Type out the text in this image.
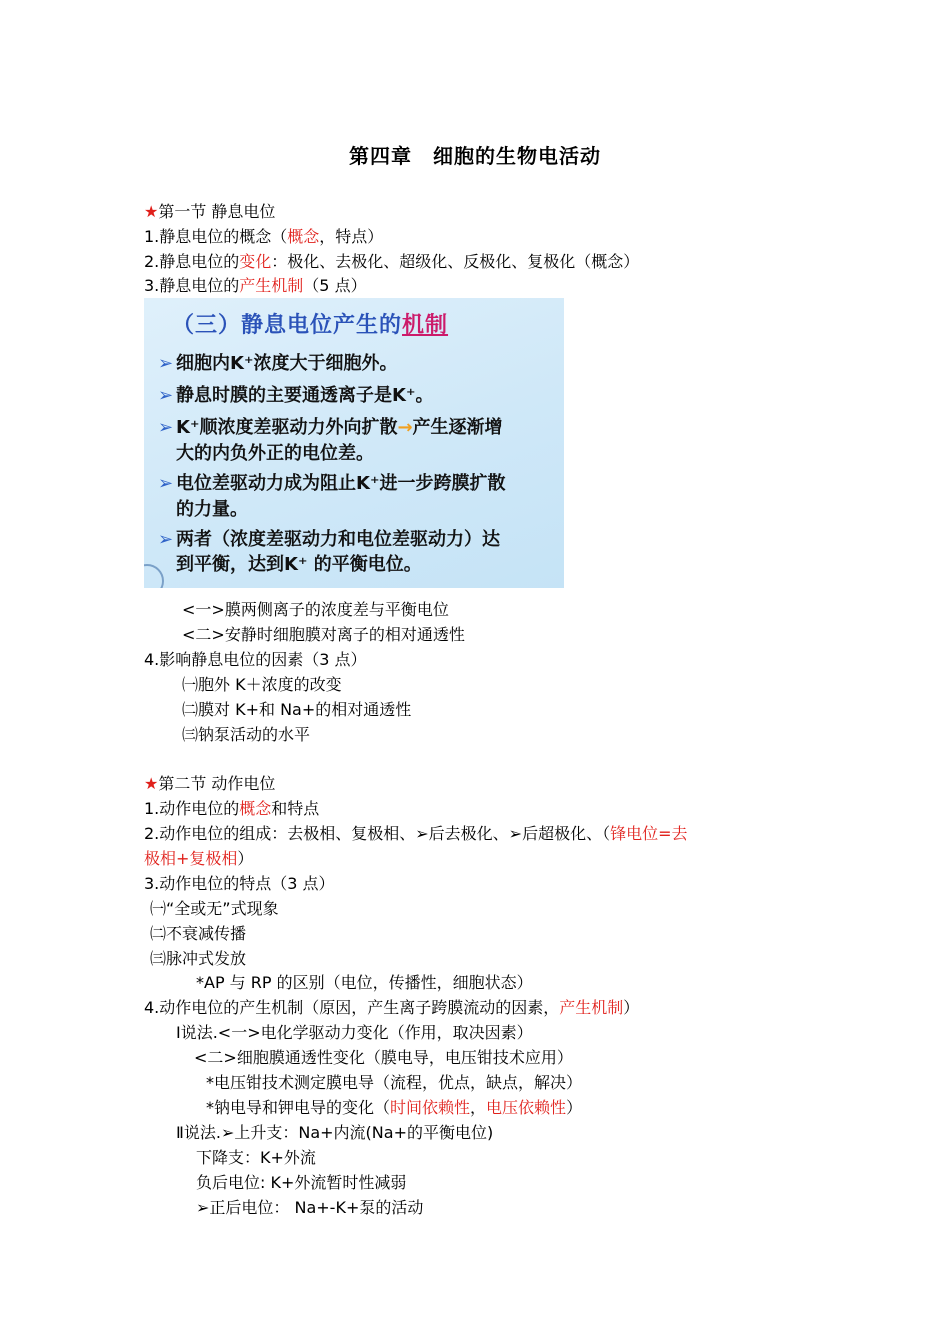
第四章　细胞的生物电活动
★第一节 静息电位
1.静息电位的概念（概念，特点）
2.静息电位的变化：极化、去极化、超级化、反极化、复极化（概念）
3.静息电位的产生机制（5 点）
（三）静息电位产生的机制
➢ 细胞内K⁺浓度大于细胞外。
➢ 静息时膜的主要通透离子是K⁺。
➢ K⁺顺浓度差驱动力外向扩散→产生逐渐增
大的内负外正的电位差。
➢ 电位差驱动力成为阻止K⁺进一步跨膜扩散
的力量。
➢ 两者（浓度差驱动力和电位差驱动力）达
到平衡，达到K⁺ 的平衡电位。
<一>膜两侧离子的浓度差与平衡电位
<二>安静时细胞膜对离子的相对通透性
4.影响静息电位的因素（3 点）
㈠胞外 K＋浓度的改变
㈡膜对 K+和 Na+的相对通透性
㈢钠泵活动的水平
★第二节 动作电位
1.动作电位的概念和特点
2.动作电位的组成：去极相、复极相、➢后去极化、➢后超极化、（锋电位=去
极相+复极相）
3.动作电位的特点（3 点）
㈠“全或无”式现象
㈡不衰减传播
㈢脉冲式发放
*AP 与 RP 的区别（电位，传播性，细胞状态）
4.动作电位的产生机制（原因，产生离子跨膜流动的因素，产生机制）
Ⅰ说法.<一>电化学驱动力变化（作用，取决因素）
<二>细胞膜通透性变化（膜电导，电压钳技术应用）
*电压钳技术测定膜电导（流程，优点，缺点，解决）
*钠电导和钾电导的变化（时间依赖性，电压依赖性）
Ⅱ说法.➢上升支：Na+内流(Na+的平衡电位)
下降支：K+外流
负后电位: K+外流暂时性减弱
➢正后电位： Na+-K+泵的活动
